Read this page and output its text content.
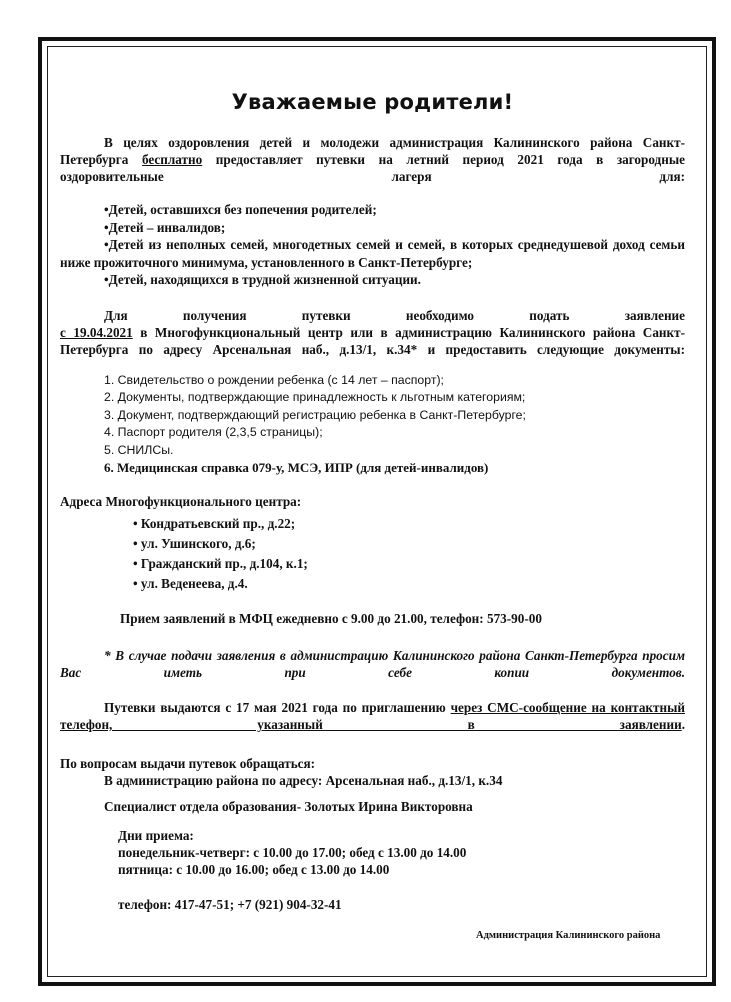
Уважаемые родители!

В целях оздоровления детей и молодежи администрация Калининского района Санкт-Петербурга бесплатно предоставляет путевки на летний период 2021 года в загородные оздоровительные лагеря для:

•Детей, оставшихся без попечения родителей;
•Детей – инвалидов;
•Детей из неполных семей, многодетных семей и семей, в которых среднедушевой доход семьи ниже прожиточного минимума, установленного в Санкт-Петербурге;
•Детей, находящихся в трудной жизненной ситуации.

Для получения путевки необходимо подать заявление

с 19.04.2021 в Многофункциональный центр или в администрацию Калининского района Санкт-Петербурга по адресу Арсенальная наб., д.13/1, к.34* и предоставить следующие документы:

1. Свидетельство о рождении ребенка (с 14 лет – паспорт);
2. Документы, подтверждающие принадлежность к льготным категориям;
3. Документ, подтверждающий регистрацию ребенка в Санкт-Петербурге;
4. Паспорт родителя (2,3,5 страницы);
5. СНИЛСы.
6. Медицинская справка 079-у, МСЭ, ИПР (для детей-инвалидов)

Адреса Многофункционального центра:

• Кондратьевский пр., д.22;
• ул. Ушинского, д.6;
• Гражданский пр., д.104, к.1;
• ул. Веденеева, д.4.

Прием заявлений в МФЦ ежедневно с 9.00 до 21.00, телефон: 573-90-00

* В случае подачи заявления в администрацию Калининского района Санкт-Петербурга просим Вас иметь при себе копии документов.

Путевки выдаются с 17 мая 2021 года по приглашению через СМС-сообщение на контактный телефон, указанный в заявлении.

По вопросам выдачи путевок обращаться:

В администрацию района по адресу: Арсенальная наб., д.13/1, к.34

Специалист отдела образования- Золотых Ирина Викторовна

Дни приема:

понедельник-четверг: с 10.00 до 17.00; обед с 13.00 до 14.00

пятница: с 10.00 до 16.00; обед с 13.00 до 14.00

телефон: 417-47-51; +7 (921) 904-32-41

Администрация Калининского района
